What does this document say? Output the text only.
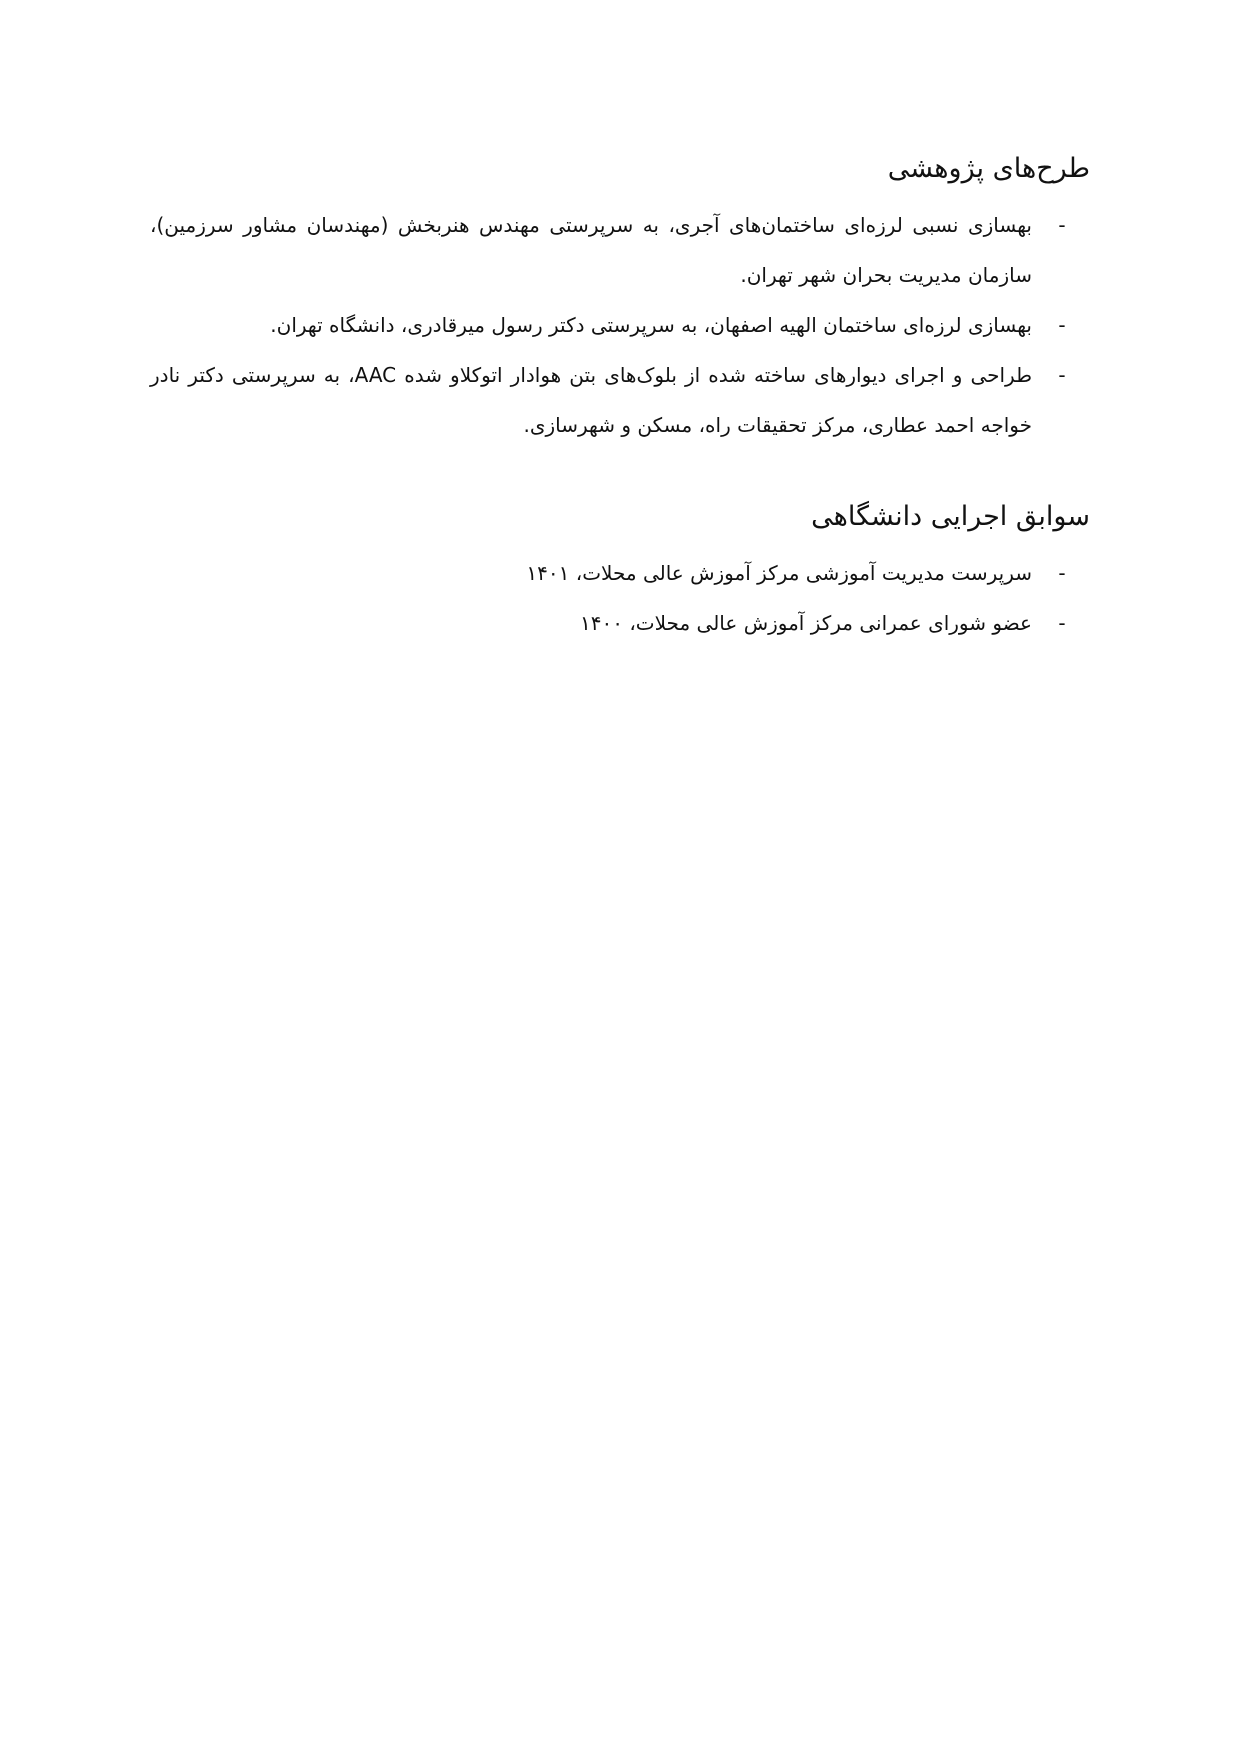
طرح‌های پژوهشی
-
بهسازی نسبی لرزه‌ای ساختمان‌های آجری، به سرپرستی مهندس هنربخش (مهندسان مشاور سرزمین)، سازمان مدیریت بحران شهر تهران.
-
بهسازی لرزه‌ای ساختمان الهیه اصفهان، به سرپرستی دکتر رسول میرقادری، دانشگاه تهران.
-
طراحی و اجرای دیوارهای ساخته شده از بلوک‌های بتن هوادار اتوکلاو شده AAC، به سرپرستی دکتر نادر خواجه احمد عطاری، مرکز تحقیقات راه، مسکن و شهرسازی.
سوابق اجرایی دانشگاهی
-
سرپرست مدیریت آموزشی مرکز آموزش عالی محلات، ۱۴۰۱
-
عضو شورای عمرانی مرکز آموزش عالی محلات، ۱۴۰۰
